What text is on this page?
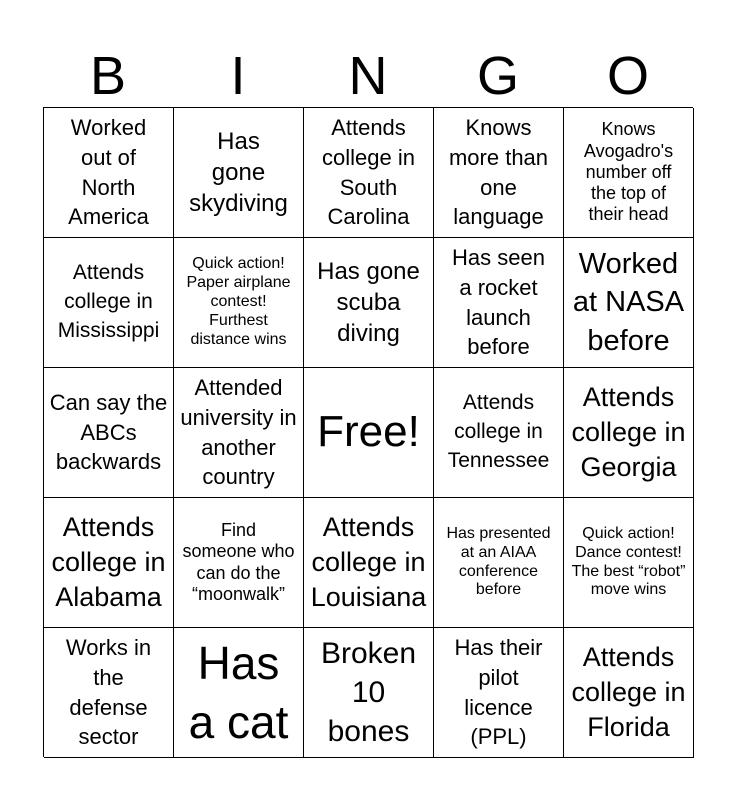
B	I	N	G	O
Worked out of North America
Has gone skydiving
Attends college in South Carolina
Knows more than one language
Knows Avogadro's number off the top of their head
Attends college in Mississippi
Quick action! Paper airplane contest! Furthest distance wins
Has gone scuba diving
Has seen a rocket launch before
Worked at NASA before
Can say the ABCs backwards
Attended university in another country
Free!
Attends college in Tennessee
Attends college in Georgia
Attends college in Alabama
Find someone who can do the “moonwalk”
Attends college in Louisiana
Has presented at an AIAA conference before
Quick action! Dance contest! The best “robot” move wins
Works in the defense sector
Has a cat
Broken 10 bones
Has their pilot licence (PPL)
Attends college in Florida
